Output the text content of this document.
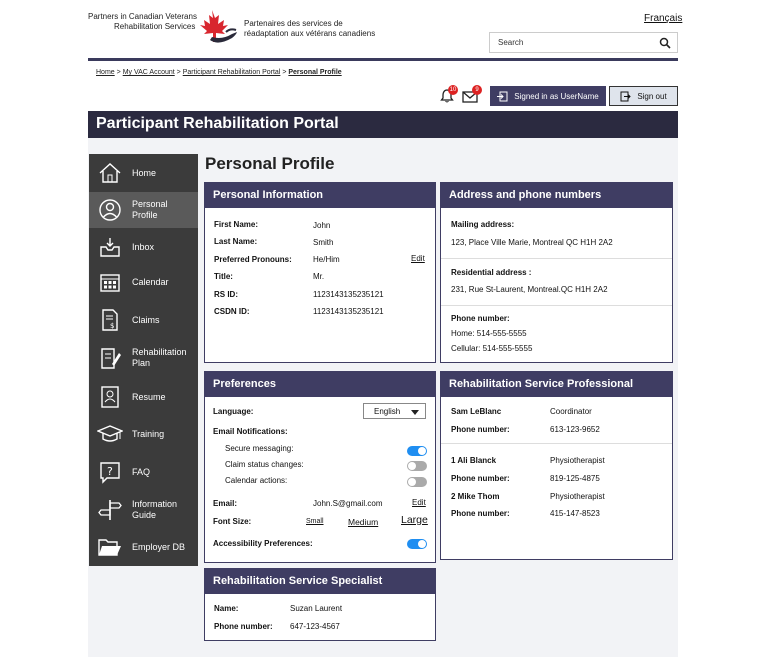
Partners in Canadian Veterans
Rehabilitation Services	Partenaires des services de
réadaptation aux vétérans canadiens
Français
Search
Home > My VAC Account > Participant Rehabilitation Portal > Personal Profile
10	9
Signed in as UserName	Sign out
Participant Rehabilitation Portal
Home
Personal Profile
Inbox
Calendar
$
Claims
Rehabilitation Plan
Resume
Training
? FAQ
Information Guide
Employer DB
Personal Profile
Personal Information
First Name:	John
Last Name:	Smith
Preferred Pronouns:	He/Him	Edit
Title:	Mr.
RS ID:	1123143135235121
CSDN ID:	1123143135235121
Address and phone numbers
Mailing address:
123, Place Ville Marie, Montreal QC H1H 2A2
Residential address :
231, Rue St-Laurent, Montreal.QC H1H 2A2
Phone number:
Home: 514-555-5555
Cellular: 514-555-5555
Preferences
Language:	English
Email Notifications:
Secure messaging:
Claim status changes:
Calendar actions:
Email:	John.S@gmail.com	Edit
Font Size:	Small	Medium Large
Accessibility Preferences:
Rehabilitation Service Professional
Sam LeBlanc	Coordinator
Phone number:	613-123-9652
1 Ali Blanck	Physiotherapist
Phone number:	819-125-4875
2 Mike Thom	Physiotherapist
Phone number:	415-147-8523
Rehabilitation Service Specialist
Name:	Suzan Laurent
Phone number: 647-123-4567
